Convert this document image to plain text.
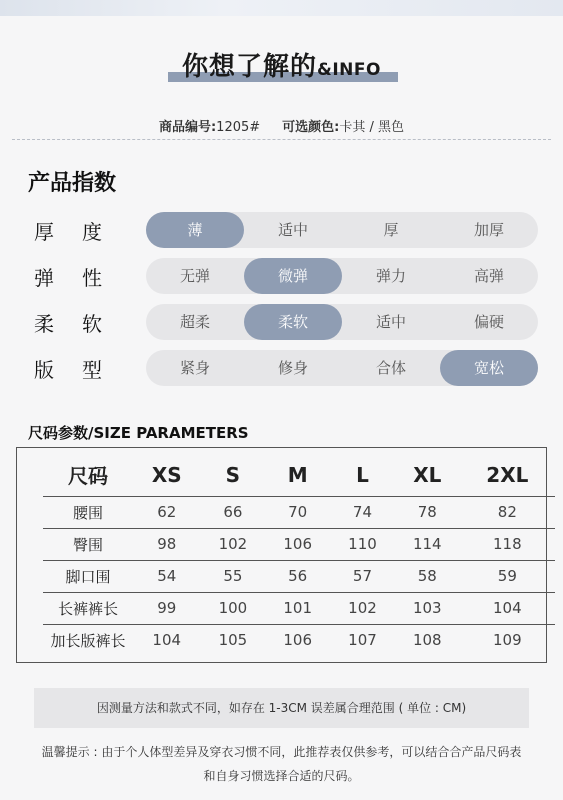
你想了解的&INFO
商品编号:1205# 可选颜色:卡其 / 黑色
产品指数
厚 度	薄	适中	厚	加厚
弹 性	无弹	微弹	弹力	高弹
柔 软	超柔	柔软	适中	偏硬
版 型	紧身	修身	合体	宽松
尺码参数/SIZE PARAMETERS
尺码	XS	S	M	L	XL	2XL
腰围	62	66	70	74	78	82
臀围	98	102	106	110	114	118
脚口围	54	55	56	57	58	59
长裤裤长	99	100	101	102	103	104
加长版裤长	104	105	106	107	108	109
因测量方法和款式不同，如存在 1-3CM 误差属合理范围 ( 单位 : CM)
温馨提示 : 由于个人体型差异及穿衣习惯不同，此推荐表仅供参考，可以结合合产品尺码表和自身习惯选择合适的尺码。
